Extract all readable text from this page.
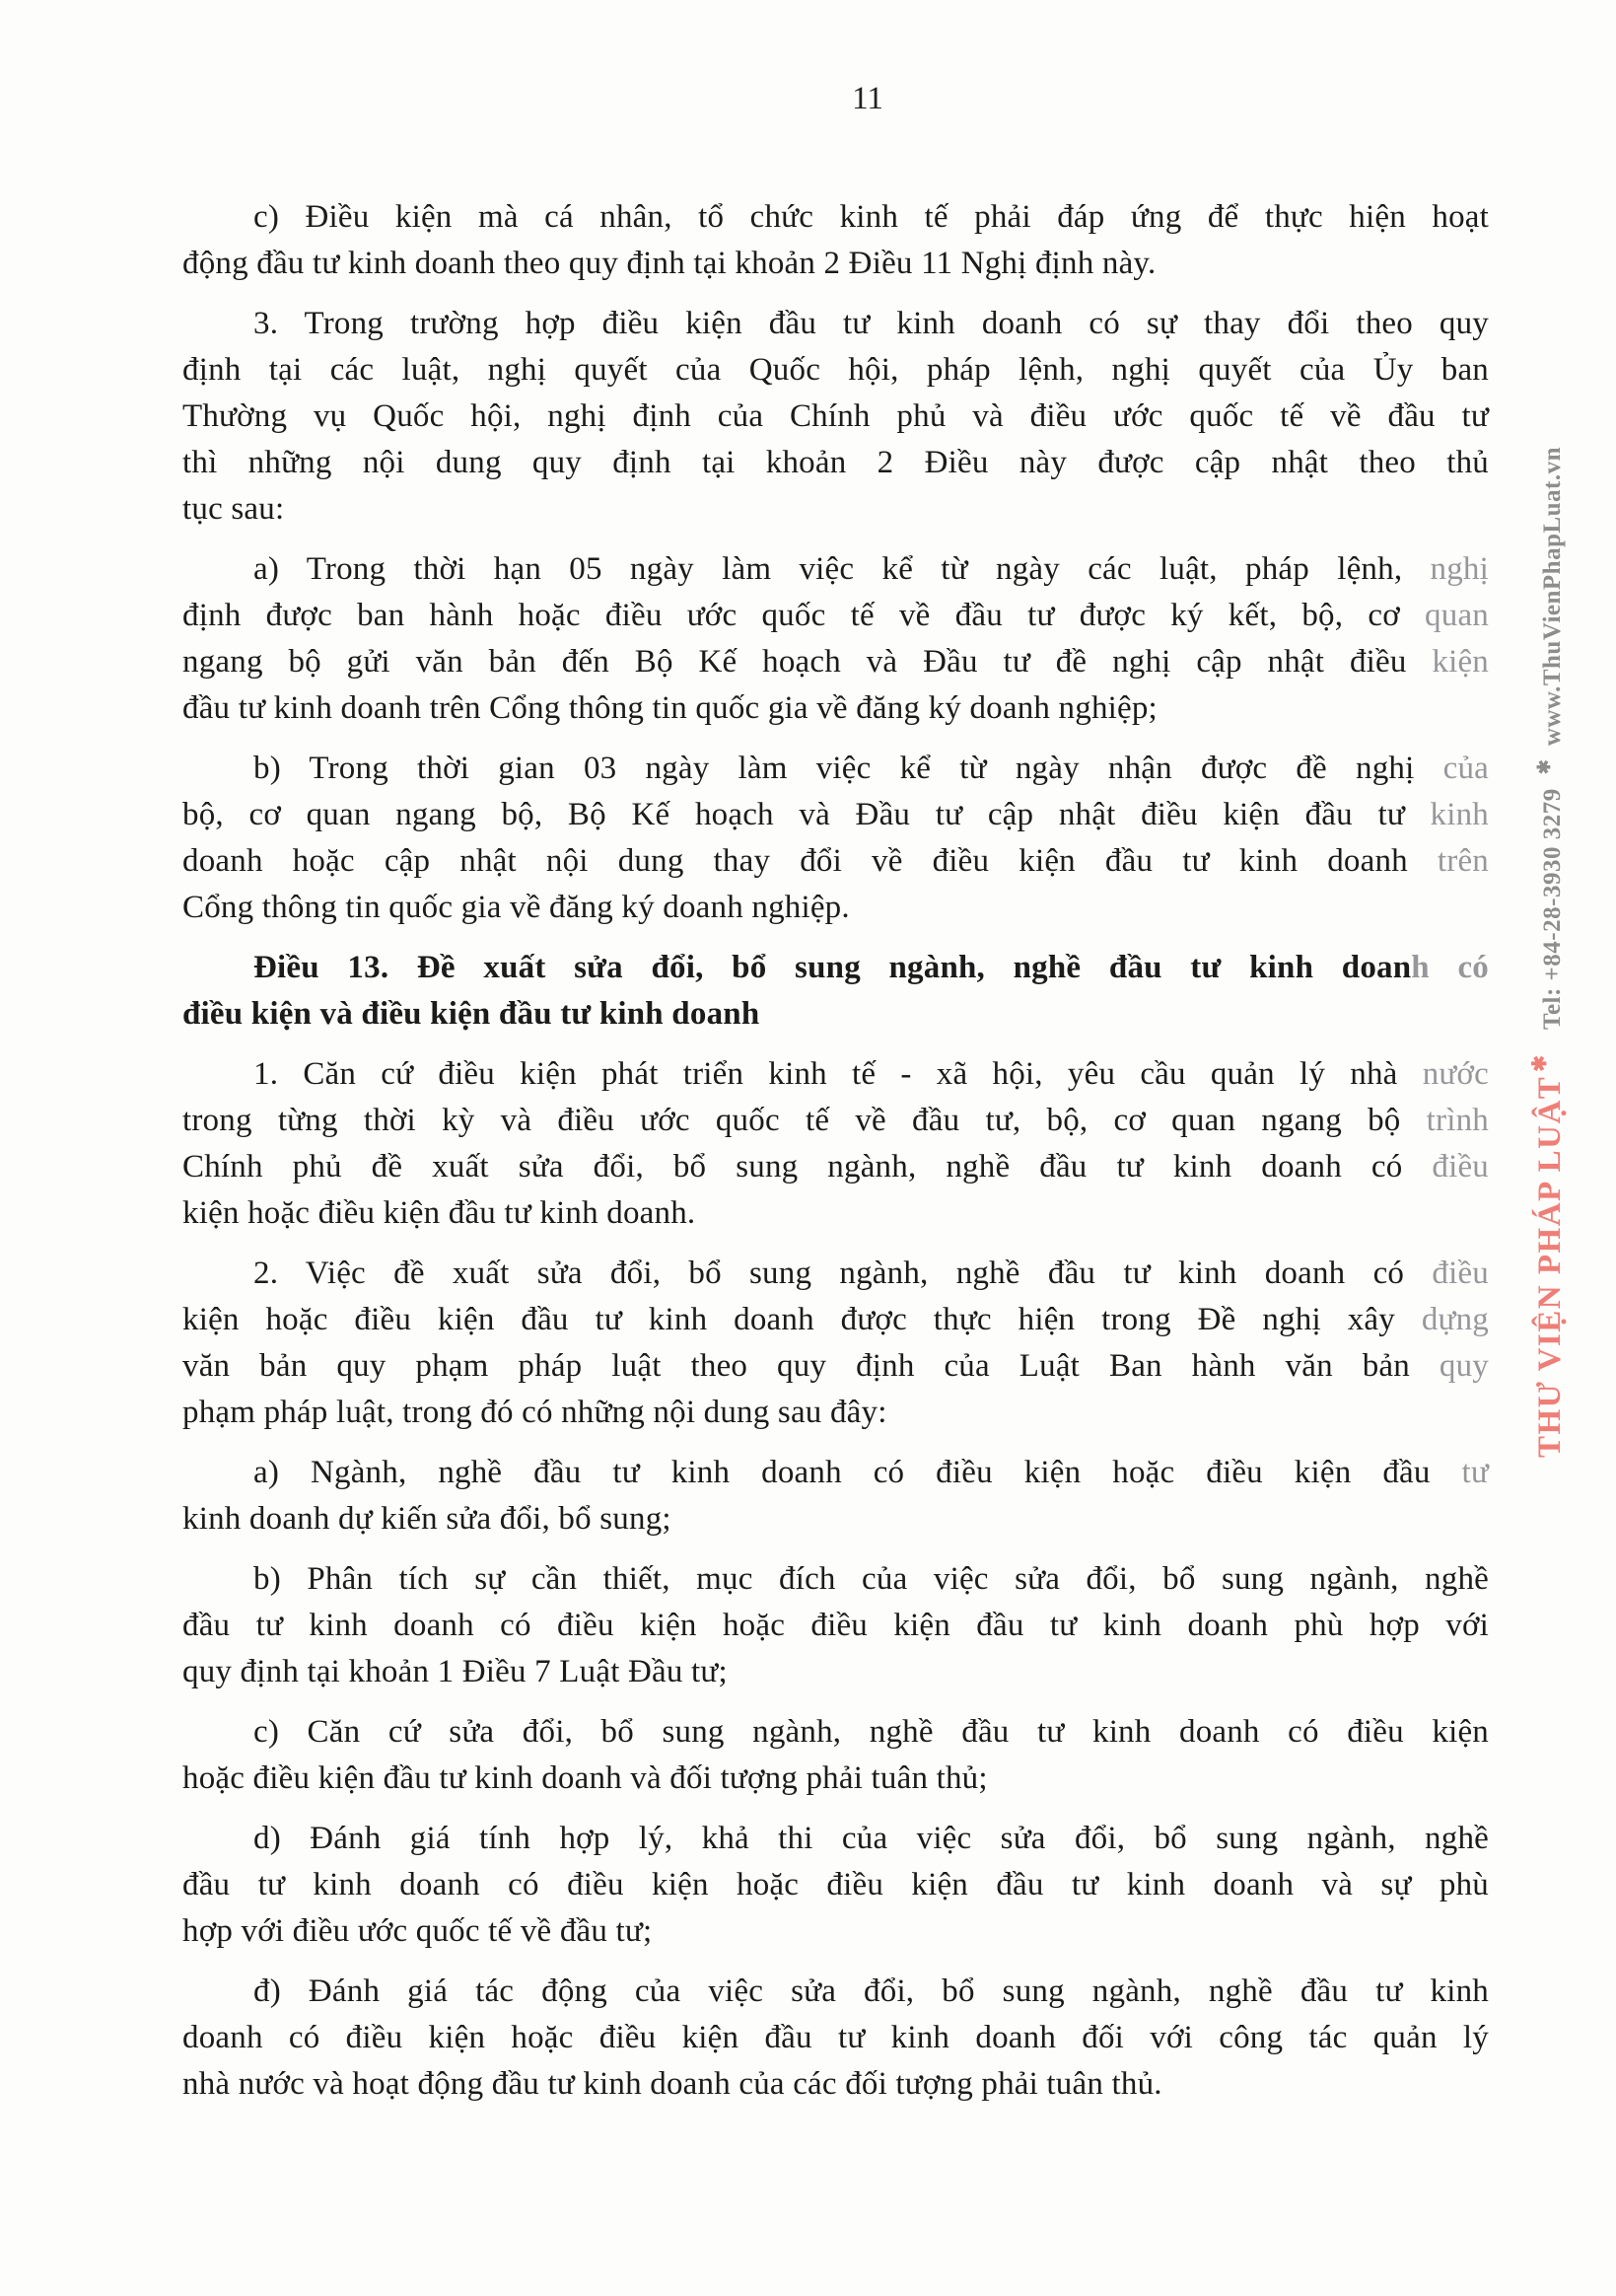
11

c) Điều kiện mà cá nhân, tổ chức kinh tế phải đáp ứng để thực hiện hoạt
động đầu tư kinh doanh theo quy định tại khoản 2 Điều 11 Nghị định này.

3. Trong trường hợp điều kiện đầu tư kinh doanh có sự thay đổi theo quy
định tại các luật, nghị quyết của Quốc hội, pháp lệnh, nghị quyết của Ủy ban
Thường vụ Quốc hội, nghị định của Chính phủ và điều ước quốc tế về đầu tư
thì những nội dung quy định tại khoản 2 Điều này được cập nhật theo thủ
tục sau:

a) Trong thời hạn 05 ngày làm việc kể từ ngày các luật, pháp lệnh, nghị
định được ban hành hoặc điều ước quốc tế về đầu tư được ký kết, bộ, cơ quan
ngang bộ gửi văn bản đến Bộ Kế hoạch và Đầu tư đề nghị cập nhật điều kiện
đầu tư kinh doanh trên Cổng thông tin quốc gia về đăng ký doanh nghiệp;

b) Trong thời gian 03 ngày làm việc kể từ ngày nhận được đề nghị của
bộ, cơ quan ngang bộ, Bộ Kế hoạch và Đầu tư cập nhật điều kiện đầu tư kinh
doanh hoặc cập nhật nội dung thay đổi về điều kiện đầu tư kinh doanh trên
Cổng thông tin quốc gia về đăng ký doanh nghiệp.

Điều 13. Đề xuất sửa đổi, bổ sung ngành, nghề đầu tư kinh doanh có
điều kiện và điều kiện đầu tư kinh doanh

1. Căn cứ điều kiện phát triển kinh tế - xã hội, yêu cầu quản lý nhà nước
trong từng thời kỳ và điều ước quốc tế về đầu tư, bộ, cơ quan ngang bộ trình
Chính phủ đề xuất sửa đổi, bổ sung ngành, nghề đầu tư kinh doanh có điều
kiện hoặc điều kiện đầu tư kinh doanh.

2. Việc đề xuất sửa đổi, bổ sung ngành, nghề đầu tư kinh doanh có điều
kiện hoặc điều kiện đầu tư kinh doanh được thực hiện trong Đề nghị xây dựng
văn bản quy phạm pháp luật theo quy định của Luật Ban hành văn bản quy
phạm pháp luật, trong đó có những nội dung sau đây:

a) Ngành, nghề đầu tư kinh doanh có điều kiện hoặc điều kiện đầu tư
kinh doanh dự kiến sửa đổi, bổ sung;

b) Phân tích sự cần thiết, mục đích của việc sửa đổi, bổ sung ngành, nghề
đầu tư kinh doanh có điều kiện hoặc điều kiện đầu tư kinh doanh phù hợp với
quy định tại khoản 1 Điều 7 Luật Đầu tư;

c) Căn cứ sửa đổi, bổ sung ngành, nghề đầu tư kinh doanh có điều kiện
hoặc điều kiện đầu tư kinh doanh và đối tượng phải tuân thủ;

d) Đánh giá tính hợp lý, khả thi của việc sửa đổi, bổ sung ngành, nghề
đầu tư kinh doanh có điều kiện hoặc điều kiện đầu tư kinh doanh và sự phù
hợp với điều ước quốc tế về đầu tư;

đ) Đánh giá tác động của việc sửa đổi, bổ sung ngành, nghề đầu tư kinh
doanh có điều kiện hoặc điều kiện đầu tư kinh doanh đối với công tác quản lý
nhà nước và hoạt động đầu tư kinh doanh của các đối tượng phải tuân thủ.

THƯ VIỆN PHÁP LUẬT✱Tel: +84-28-3930 3279✱www.ThuVienPhapLuat.vn
